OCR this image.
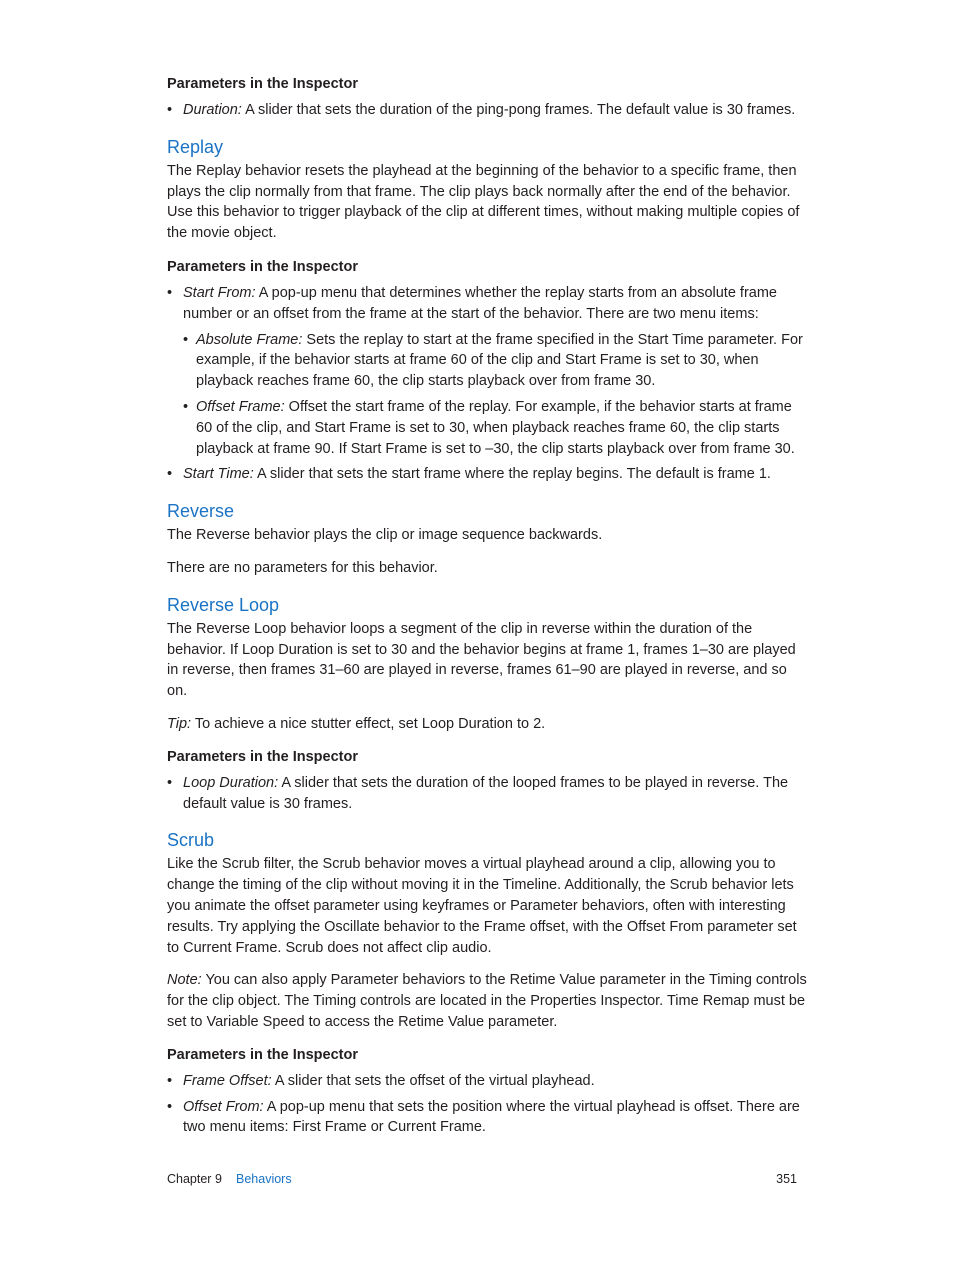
Parameters in the Inspector
• Duration: A slider that sets the duration of the ping-pong frames. The default value is 30 frames.
Replay

The Replay behavior resets the playhead at the beginning of the behavior to a specific frame, then plays the clip normally from that frame. The clip plays back normally after the end of the behavior. Use this behavior to trigger playback of the clip at different times, without making multiple copies of the movie object.

Parameters in the Inspector
• Start From: A pop-up menu that determines whether the replay starts from an absolute frame number or an offset from the frame at the start of the behavior. There are two menu items:
• Absolute Frame: Sets the replay to start at the frame specified in the Start Time parameter. For example, if the behavior starts at frame 60 of the clip and Start Frame is set to 30, when playback reaches frame 60, the clip starts playback over from frame 30.
• Offset Frame: Offset the start frame of the replay. For example, if the behavior starts at frame 60 of the clip, and Start Frame is set to 30, when playback reaches frame 60, the clip starts playback at frame 90. If Start Frame is set to –30, the clip starts playback over from frame 30.
• Start Time: A slider that sets the start frame where the replay begins. The default is frame 1.
Reverse

The Reverse behavior plays the clip or image sequence backwards.

There are no parameters for this behavior.

Reverse Loop

The Reverse Loop behavior loops a segment of the clip in reverse within the duration of the behavior. If Loop Duration is set to 30 and the behavior begins at frame 1, frames 1–30 are played in reverse, then frames 31–60 are played in reverse, frames 61–90 are played in reverse, and so on.

Tip: To achieve a nice stutter effect, set Loop Duration to 2.

Parameters in the Inspector
• Loop Duration: A slider that sets the duration of the looped frames to be played in reverse. The default value is 30 frames.
Scrub

Like the Scrub filter, the Scrub behavior moves a virtual playhead around a clip, allowing you to change the timing of the clip without moving it in the Timeline. Additionally, the Scrub behavior lets you animate the offset parameter using keyframes or Parameter behaviors, often with interesting results. Try applying the Oscillate behavior to the Frame offset, with the Offset From parameter set to Current Frame. Scrub does not affect clip audio.

Note: You can also apply Parameter behaviors to the Retime Value parameter in the Timing controls for the clip object. The Timing controls are located in the Properties Inspector. Time Remap must be set to Variable Speed to access the Retime Value parameter.

Parameters in the Inspector
• Frame Offset: A slider that sets the offset of the virtual playhead.
• Offset From: A pop-up menu that sets the position where the virtual playhead is offset. There are two menu items: First Frame or Current Frame.
Chapter 9 Behaviors	351
